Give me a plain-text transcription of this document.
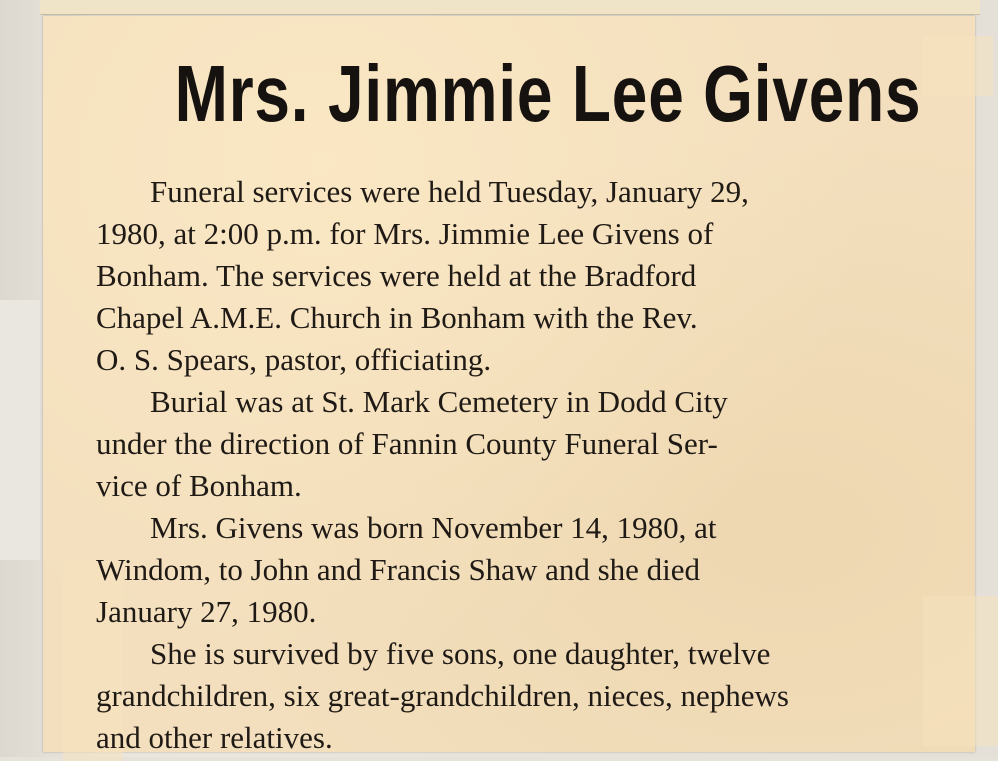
Mrs. Jimmie Lee Givens
Funeral services were held Tuesday, January 29,
1980, at 2:00 p.m. for Mrs. Jimmie Lee Givens of
Bonham. The services were held at the Bradford
Chapel A.M.E. Church in Bonham with the Rev.
O. S. Spears, pastor, officiating.
Burial was at St. Mark Cemetery in Dodd City
under the direction of Fannin County Funeral Ser-
vice of Bonham.
Mrs. Givens was born November 14, 1980, at
Windom, to John and Francis Shaw and she died
January 27, 1980.
She is survived by five sons, one daughter, twelve
grandchildren, six great-grandchildren, nieces, nephews
and other relatives.
